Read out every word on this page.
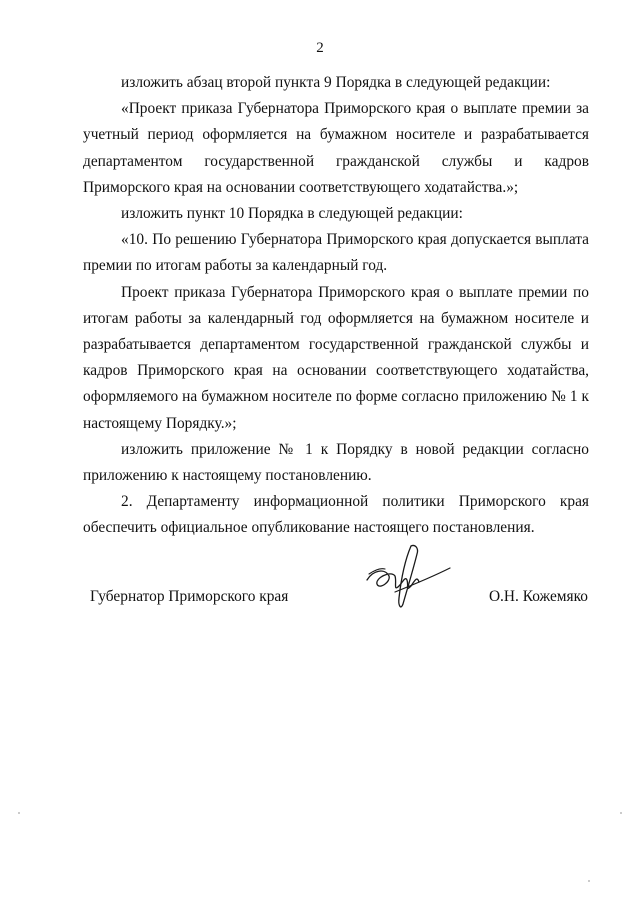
2

изложить абзац второй пункта 9 Порядка в следующей редакции:

«Проект приказа Губернатора Приморского края о выплате премии за учетный период оформляется на бумажном носителе и разрабатывается департаментом государственной гражданской службы и кадров Приморского края на основании соответствующего ходатайства.»;

изложить пункт 10 Порядка в следующей редакции:

«10. По решению Губернатора Приморского края допускается выплата премии по итогам работы за календарный год.

Проект приказа Губернатора Приморского края о выплате премии по итогам работы за календарный год оформляется на бумажном носителе и разрабатывается департаментом государственной гражданской службы и кадров Приморского края на основании соответствующего ходатайства, оформляемого на бумажном носителе по форме согласно приложению № 1 к настоящему Порядку.»;

изложить приложение № 1 к Порядку в новой редакции согласно приложению к настоящему постановлению.

2. Департаменту информационной политики Приморского края обеспечить официальное опубликование настоящего постановления.

Губернатор Приморского края	О.Н. Кожемяко
